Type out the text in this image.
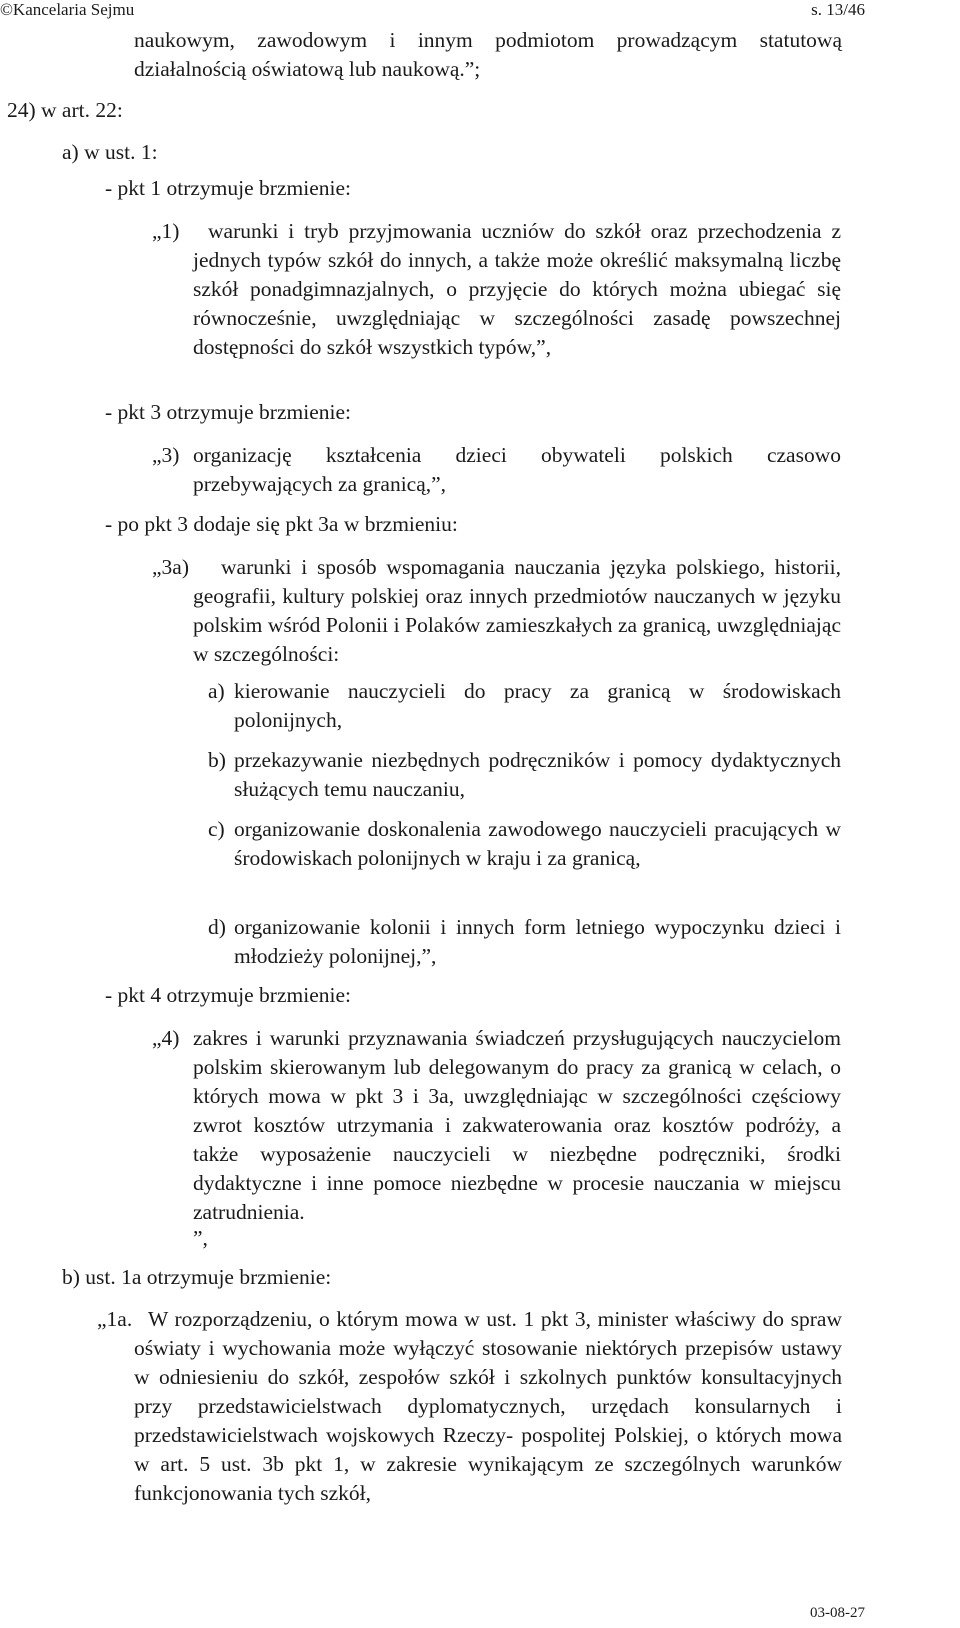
©Kancelaria Sejmu	s. 13/46

naukowym, zawodowym i innym podmiotom prowadzącym statutową działalnością oświatową lub naukową.”;

24) w art. 22:
a) w ust. 1:
- pkt 1 otrzymuje brzmienie:
„1)	warunki i tryb przyjmowania uczniów do szkół oraz przechodzenia z jednych typów szkół do innych, a także może określić maksymalną liczbę szkół ponadgimnazjalnych, o przyjęcie do których można ubiegać się równocześnie, uwzględniając w szczególności zasadę powszechnej dostępności do szkół wszystkich typów,”,

- pkt 3 otrzymuje brzmienie:
„3) organizację kształcenia dzieci obywateli polskich czasowo przebywających za granicą,”,

- po pkt 3 dodaje się pkt 3a w brzmieniu:
„3a)	warunki i sposób wspomagania nauczania języka polskiego, historii, geografii, kultury polskiej oraz innych przedmiotów nauczanych w języku polskim wśród Polonii i Polaków zamieszkałych za granicą, uwzględniając w szczególności:

a) kierowanie nauczycieli do pracy za granicą w środowiskach polonijnych,

b) przekazywanie niezbędnych podręczników i pomocy dydaktycznych służących temu nauczaniu,

c) organizowanie doskonalenia zawodowego nauczycieli pracujących w środowiskach polonijnych w kraju i za granicą,

d) organizowanie kolonii i innych form letniego wypoczynku dzieci i młodzieży polonijnej,”,

- pkt 4 otrzymuje brzmienie:
„4) zakres i warunki przyznawania świadczeń przysługujących nauczycielom polskim skierowanym lub delegowanym do pracy za granicą w celach, o których mowa w pkt 3 i 3a, uwzględniając w szczególności częściowy zwrot kosztów utrzymania i zakwaterowania oraz kosztów podróży, a także wyposażenie nauczycieli w niezbędne podręczniki, środki dydaktyczne i inne pomoce niezbędne w procesie nauczania w miejscu zatrudnienia.

”,
b) ust. 1a otrzymuje brzmienie:
„1a. W rozporządzeniu, o którym mowa w ust. 1 pkt 3, minister właściwy do spraw oświaty i wychowania może wyłączyć stosowanie niektórych przepisów ustawy w odniesieniu do szkół, zespołów szkół i szkolnych punktów konsultacyjnych przy przedstawicielstwach dyplomatycznych, urzędach konsularnych i przedstawicielstwach wojskowych Rzeczy- pospolitej Polskiej, o których mowa w art. 5 ust. 3b pkt 1, w zakresie wynikającym ze szczególnych warunków funkcjonowania tych szkół,

03-08-27
